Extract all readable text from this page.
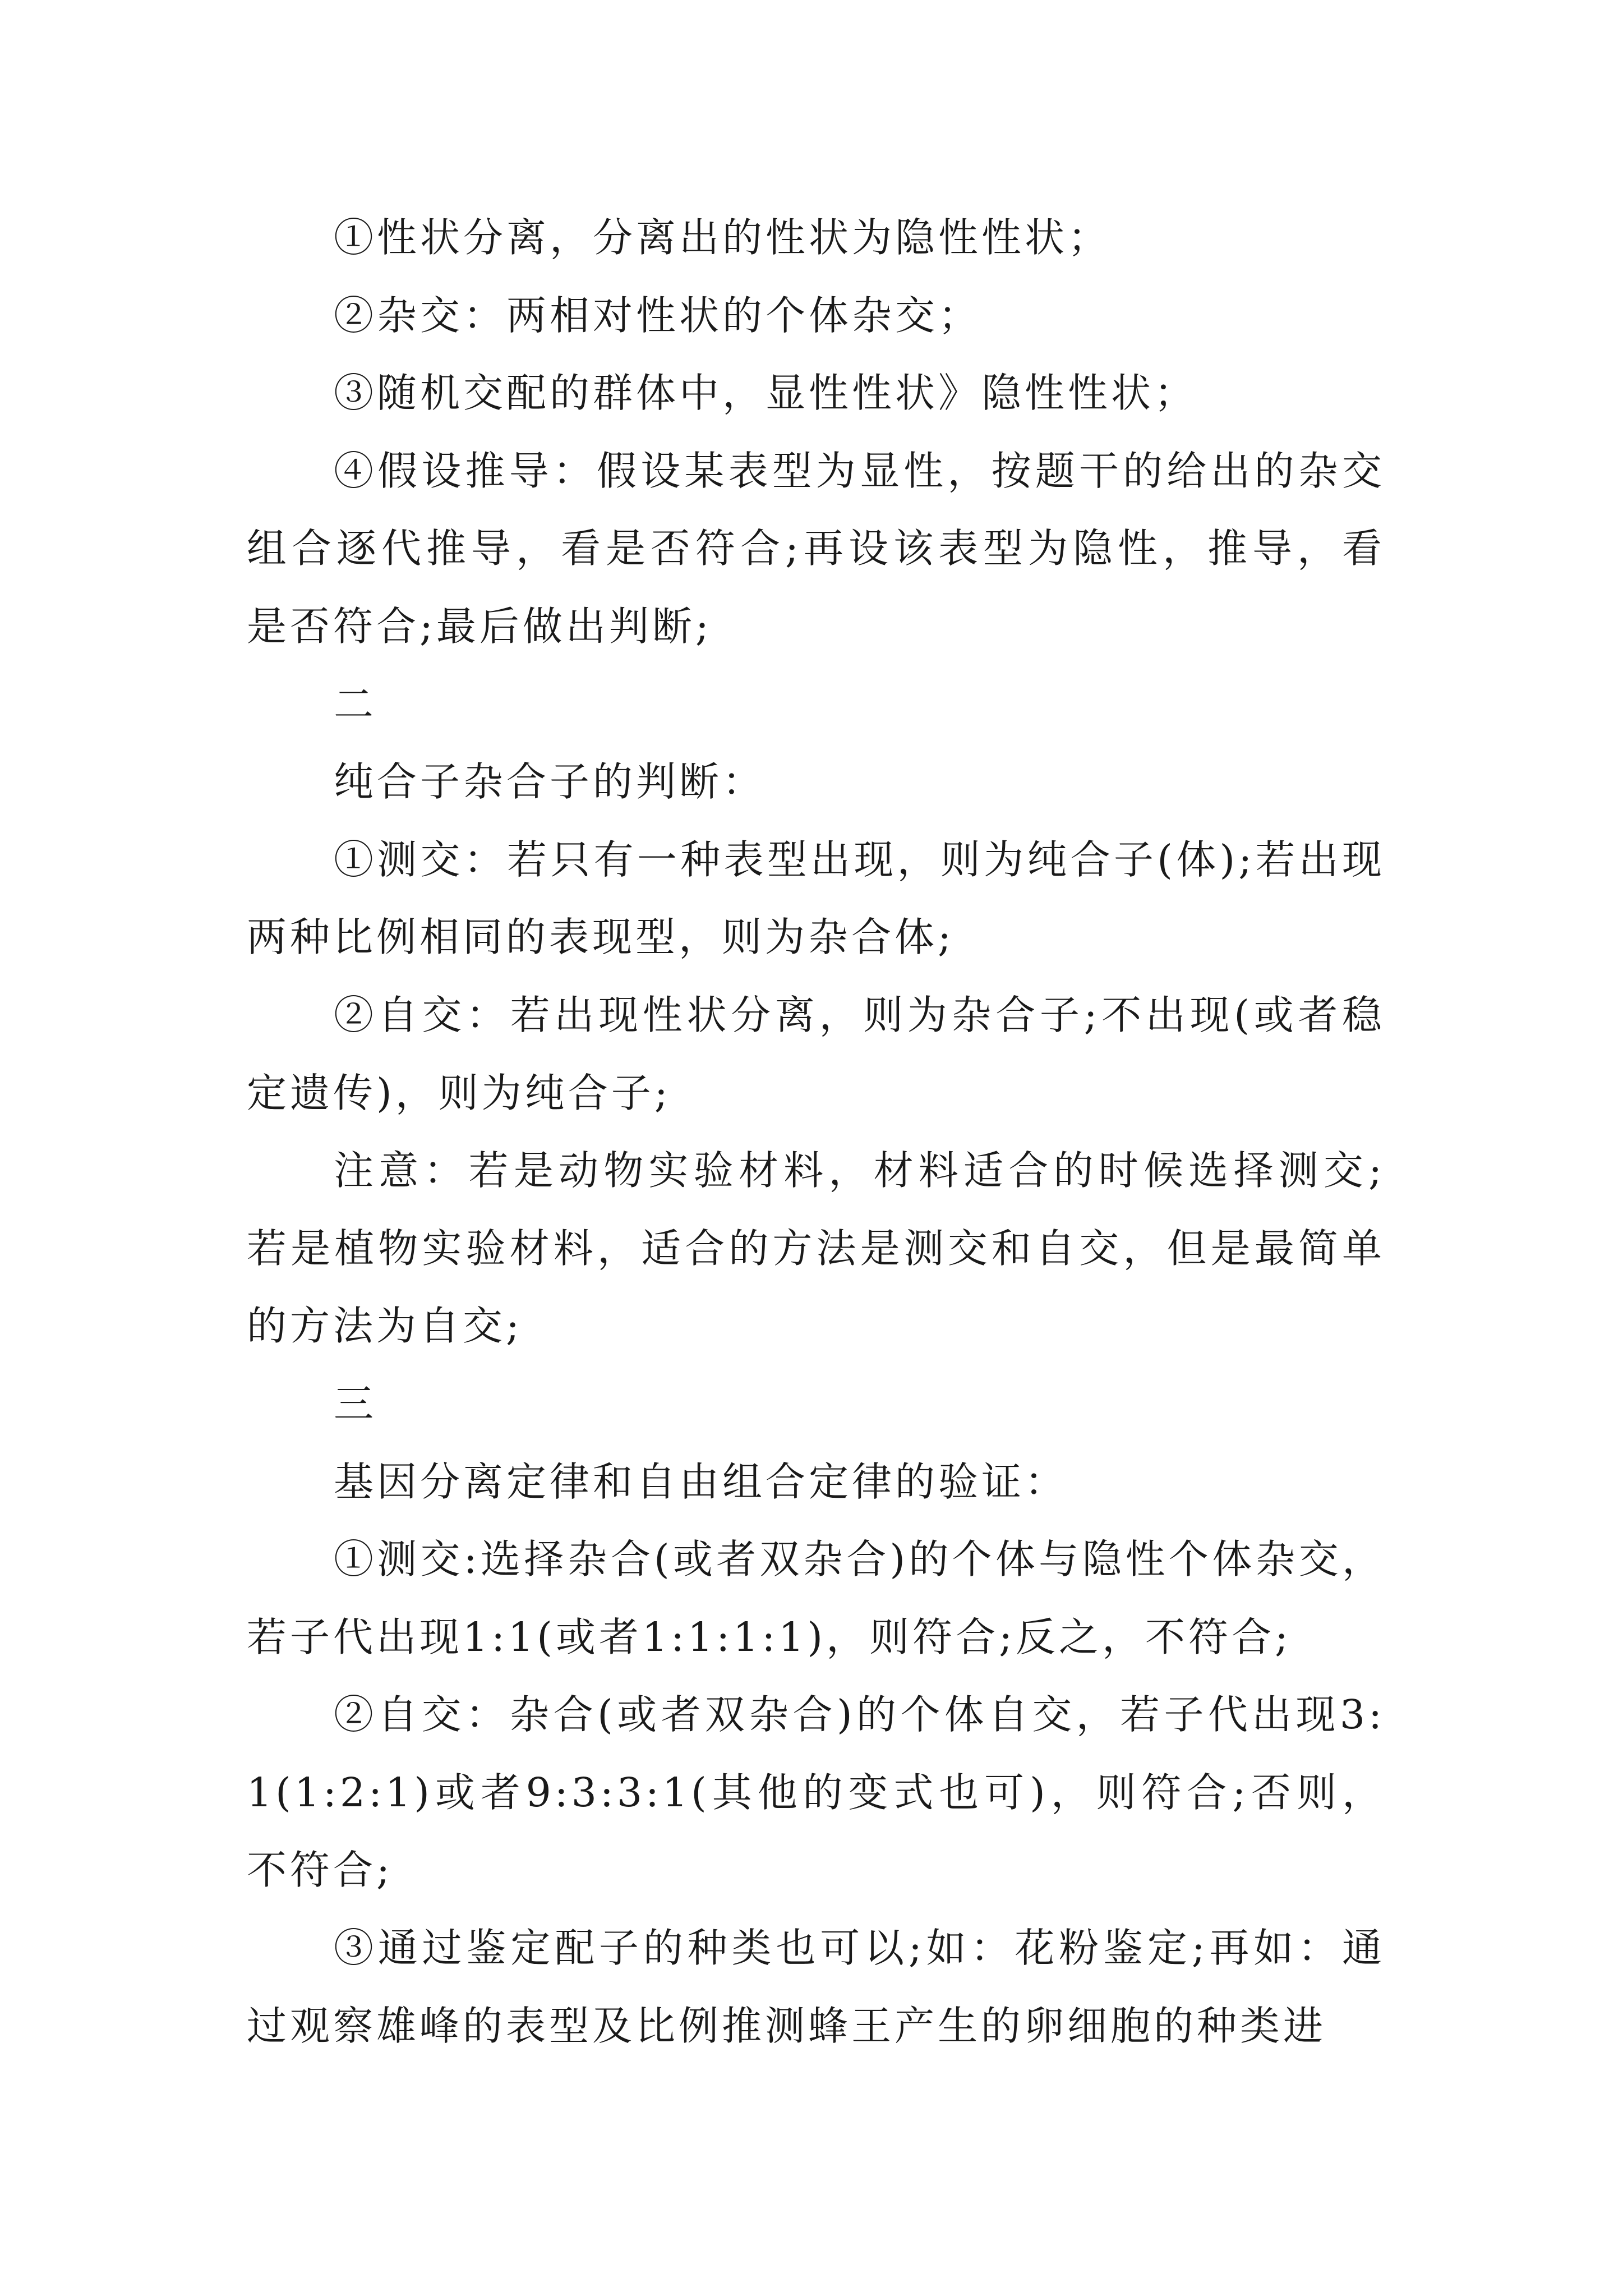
①性状分离，分离出的性状为隐性性状；

②杂交：两相对性状的个体杂交；

③随机交配的群体中，显性性状》隐性性状；

④假设推导：假设某表型为显性，按题干的给出的杂交组合逐代推导，看是否符合;再设该表型为隐性，推导，看是否符合;最后做出判断;

二

纯合子杂合子的判断：

①测交：若只有一种表型出现，则为纯合子(体);若出现两种比例相同的表现型，则为杂合体;

②自交：若出现性状分离，则为杂合子;不出现(或者稳定遗传)，则为纯合子;

注意：若是动物实验材料，材料适合的时候选择测交;若是植物实验材料，适合的方法是测交和自交，但是最简单的方法为自交;

三

基因分离定律和自由组合定律的验证：

①测交:选择杂合(或者双杂合)的个体与隐性个体杂交，若子代出现1:1(或者1:1:1:1)，则符合;反之，不符合;

②自交：杂合(或者双杂合)的个体自交，若子代出现3:1(1:2:1)或者9:3:3:1(其他的变式也可)，则符合;否则，不符合;

③通过鉴定配子的种类也可以;如：花粉鉴定;再如：通过观察雄峰的表型及比例推测蜂王产生的卵细胞的种类进
